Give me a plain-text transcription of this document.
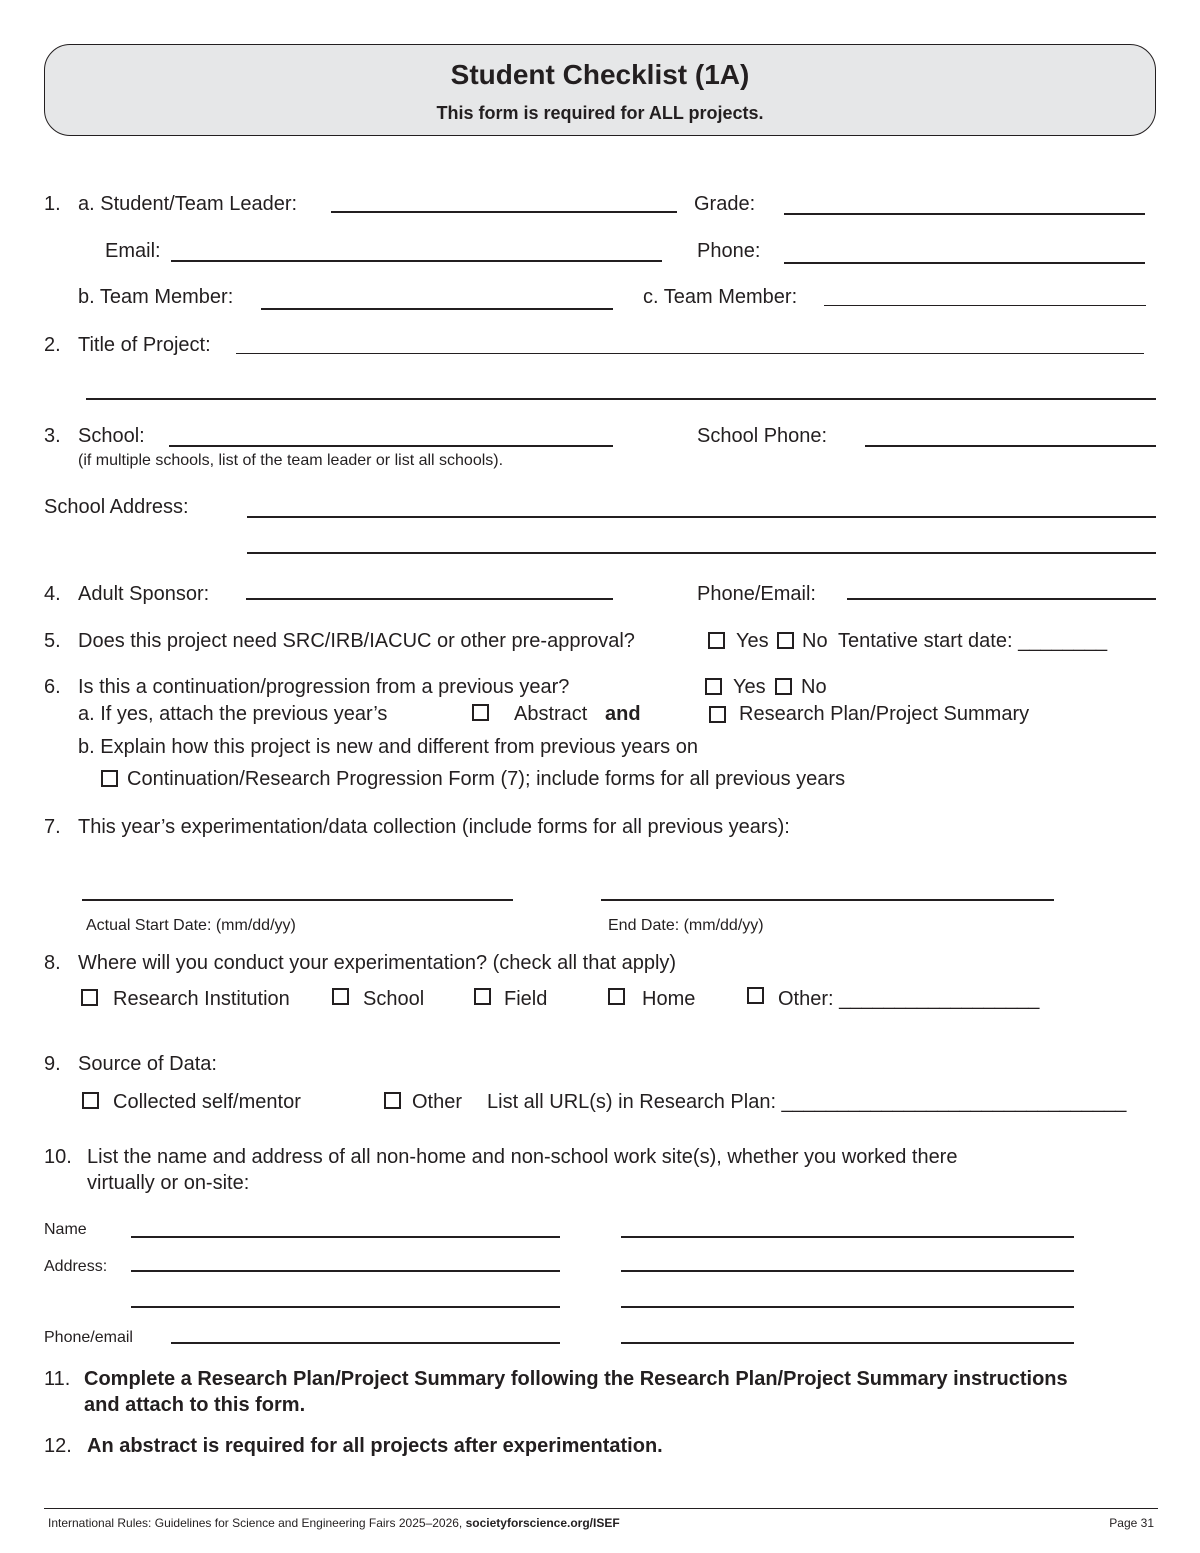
Student Checklist (1A)
This form is required for ALL projects.
1. a. Student/Team Leader:	Grade:
Email:	Phone:
b. Team Member:	c. Team Member:
2. Title of Project:
3. School:	School Phone:
(if multiple schools, list of the team leader or list all schools).
School Address:
4. Adult Sponsor:	Phone/Email:
5. Does this project need SRC/IRB/IACUC or other pre-approval?	Yes No Tentative start date: ________
6. Is this a continuation/progression from a previous year?	Yes No
a. If yes, attach the previous year’s	Abstract and	Research Plan/Project Summary
b. Explain how this project is new and different from previous years on
Continuation/Research Progression Form (7); include forms for all previous years
7. This year’s experimentation/data collection (include forms for all previous years):
Actual Start Date: (mm/dd/yy)	End Date: (mm/dd/yy)
8. Where will you conduct your experimentation? (check all that apply)
Research Institution	School	Field	Home	Other: __________________
9. Source of Data:
Collected self/mentor	Other List all URL(s) in Research Plan: _______________________________
10. List the name and address of all non-home and non-school work site(s), whether you worked there
virtually or on-site:
Name
Address:
Phone/email
11. Complete a Research Plan/Project Summary following the Research Plan/Project Summary instructions
and attach to this form.
12. An abstract is required for all projects after experimentation.
International Rules: Guidelines for Science and Engineering Fairs 2025–2026, societyforscience.org/ISEF	Page 31
